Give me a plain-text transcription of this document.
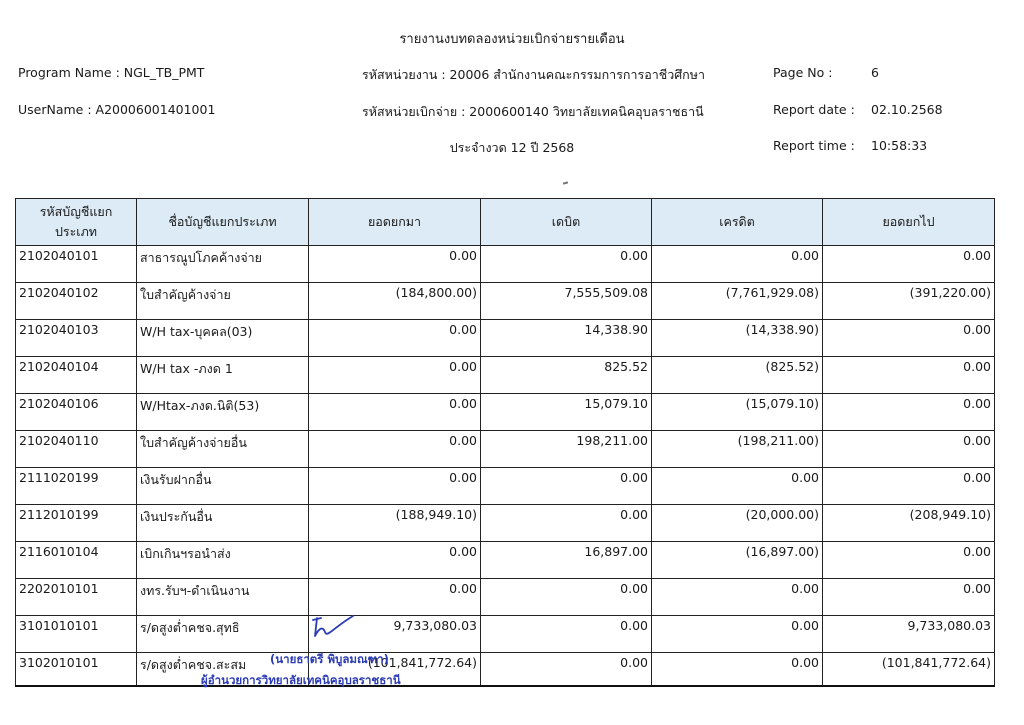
รายงานงบทดลองหน่วยเบิกจ่ายรายเดือน
Program Name : NGL_TB_PMT
UserName : A20006001401001
รหัสหน่วยงาน : 20006 สำนักงานคณะกรรมการการอาชีวศึกษา
รหัสหน่วยเบิกจ่าย : 2000600140 วิทยาลัยเทคนิคอุบลราชธานี
ประจำงวด 12 ปี 2568
Page No :	6
Report date : 02.10.2568
Report time : 10:58:33
รหัสบัญชีแยกประเภท	ชื่อบัญชีแยกประเภท	ยอดยกมา	เดบิต	เครดิต	ยอดยกไป
2102040101	สาธารณูปโภคค้างจ่าย	0.00	0.00	0.00	0.00
2102040102	ใบสำคัญค้างจ่าย	(184,800.00)	7,555,509.08	(7,761,929.08)	(391,220.00)
2102040103	W/H tax-บุคคล(03)	0.00	14,338.90	(14,338.90)	0.00
2102040104	W/H tax -ภงด 1	0.00	825.52	(825.52)	0.00
2102040106	W/Htax-ภงด.นิติ(53)	0.00	15,079.10	(15,079.10)	0.00
2102040110	ใบสำคัญค้างจ่ายอื่น	0.00	198,211.00	(198,211.00)	0.00
2111020199	เงินรับฝากอื่น	0.00	0.00	0.00	0.00
2112010199	เงินประกันอื่น	(188,949.10)	0.00	(20,000.00)	(208,949.10)
2116010104	เบิกเกินฯรอนำส่ง	0.00	16,897.00	(16,897.00)	0.00
2202010101	งทร.รับฯ-ดำเนินงาน	0.00	0.00	0.00	0.00
3101010101	ร/ดสูงต่ำคชจ.สุทธิ	9,733,080.03	0.00	0.00	9,733,080.03
3102010101	ร/ดสูงต่ำคชจ.สะสม	(101,841,772.64)	0.00	0.00	(101,841,772.64)
(นายธาตรี พิบูลมณฑา)
ผู้อำนวยการวิทยาลัยเทคนิคอุบลราชธานี
